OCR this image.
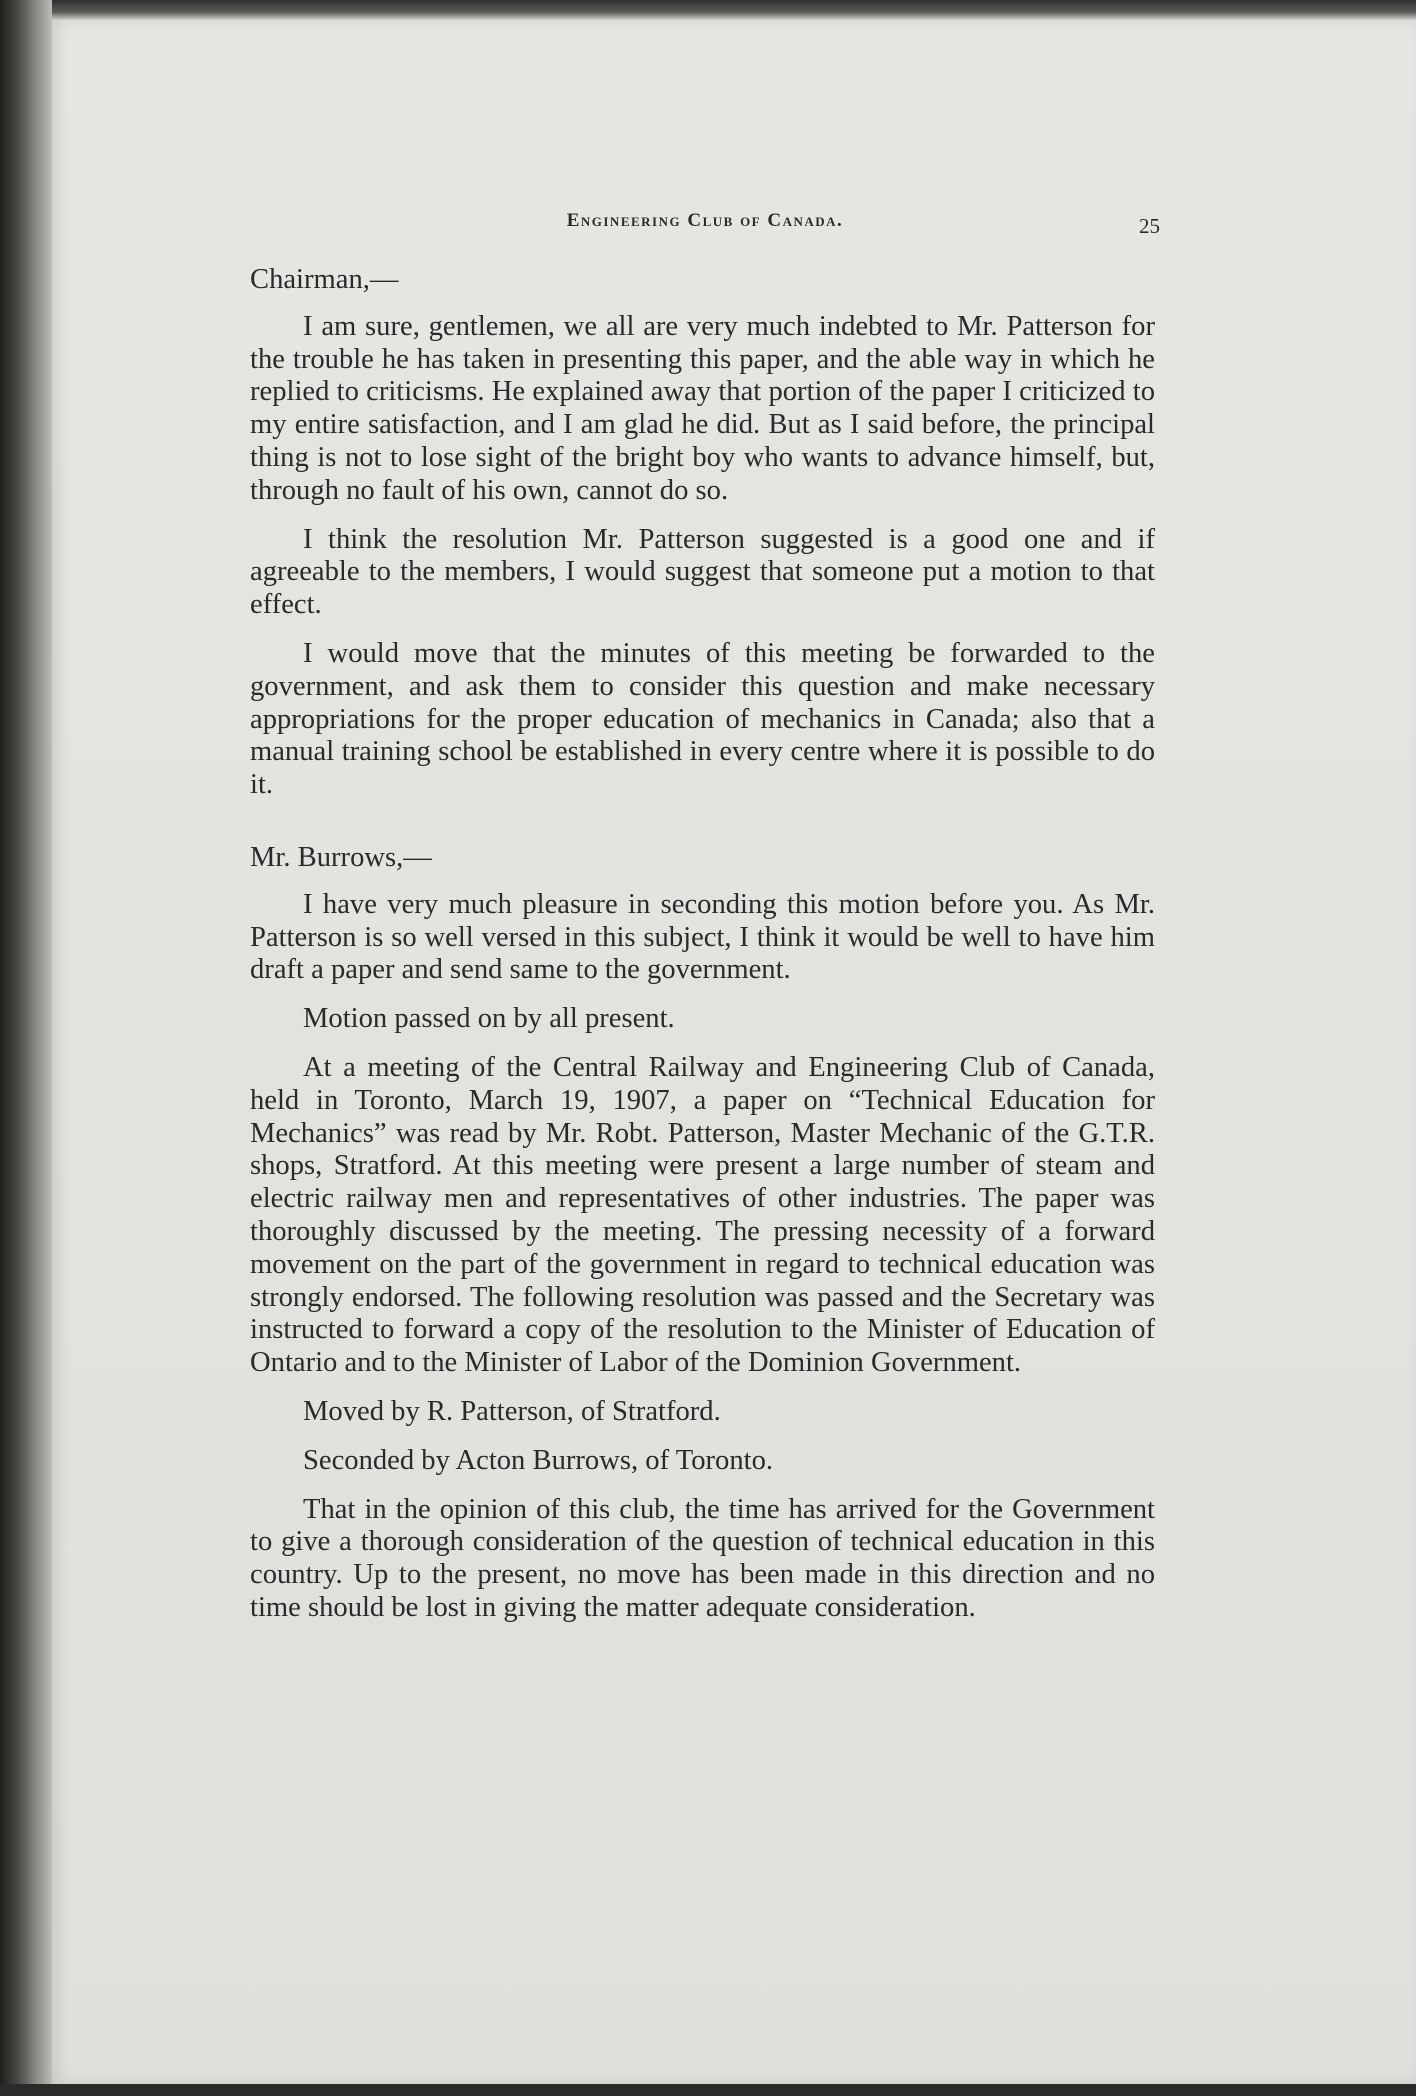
Engineering Club of Canada.	25

Chairman,—

I am sure, gentlemen, we all are very much indebted to Mr. Patterson for the trouble he has taken in presenting this paper, and the able way in which he replied to criticisms. He explained away that portion of the paper I criticized to my entire satisfaction, and I am glad he did. But as I said before, the principal thing is not to lose sight of the bright boy who wants to advance himself, but, through no fault of his own, cannot do so.

I think the resolution Mr. Patterson suggested is a good one and if agreeable to the members, I would suggest that someone put a motion to that effect.

I would move that the minutes of this meeting be forwarded to the government, and ask them to consider this question and make necessary appropriations for the proper education of mechanics in Canada; also that a manual training school be established in every centre where it is possible to do it.

Mr. Burrows,—

I have very much pleasure in seconding this motion before you. As Mr. Patterson is so well versed in this subject, I think it would be well to have him draft a paper and send same to the government.

Motion passed on by all present.

At a meeting of the Central Railway and Engineering Club of Canada, held in Toronto, March 19, 1907, a paper on “Technical Education for Mechanics” was read by Mr. Robt. Patterson, Master Mechanic of the G.T.R. shops, Stratford. At this meeting were present a large number of steam and electric railway men and representatives of other industries. The paper was thoroughly discussed by the meeting. The pressing necessity of a forward movement on the part of the government in regard to technical education was strongly endorsed. The following resolution was passed and the Secretary was instructed to forward a copy of the resolution to the Minister of Education of Ontario and to the Minister of Labor of the Dominion Government.

Moved by R. Patterson, of Stratford.

Seconded by Acton Burrows, of Toronto.

That in the opinion of this club, the time has arrived for the Government to give a thorough consideration of the question of technical education in this country. Up to the present, no move has been made in this direction and no time should be lost in giving the matter adequate consideration.
